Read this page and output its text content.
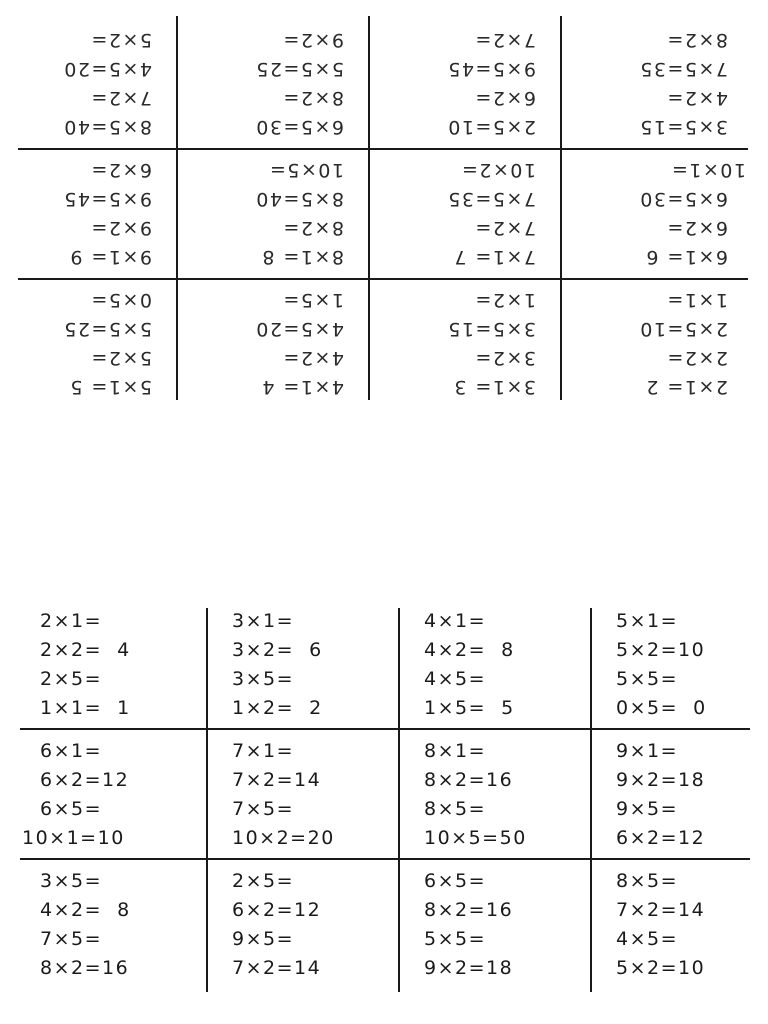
2×1= 2
2×2=
2×5=10
1×1=
3×1= 3
3×2=
3×5=15
1×2=
4×1= 4
4×2=
4×5=20
1×5=
5×1= 5
5×2=
5×5=25
0×5=
6×1= 6
6×2=
6×5=30
10×1=
7×1= 7
7×2=
7×5=35
10×2=
8×1= 8
8×2=
8×5=40
10×5=
9×1= 9
9×2=
9×5=45
6×2=
3×5=15
4×2=
7×5=35
8×2=
2×5=10
6×2=
9×5=45
7×2=
6×5=30
8×2=
5×5=25
9×2=
8×5=40
7×2=
4×5=20
5×2=
2×1=
2×2=  4
2×5=
1×1=  1
3×1=
3×2=  6
3×5=
1×2=  2
4×1=
4×2=  8
4×5=
1×5=  5
5×1=
5×2=10
5×5=
0×5=  0
6×1=
6×2=12
6×5=
10×1=10
7×1=
7×2=14
7×5=
10×2=20
8×1=
8×2=16
8×5=
10×5=50
9×1=
9×2=18
9×5=
6×2=12
3×5=
4×2=  8
7×5=
8×2=16
2×5=
6×2=12
9×5=
7×2=14
6×5=
8×2=16
5×5=
9×2=18
8×5=
7×2=14
4×5=
5×2=10
